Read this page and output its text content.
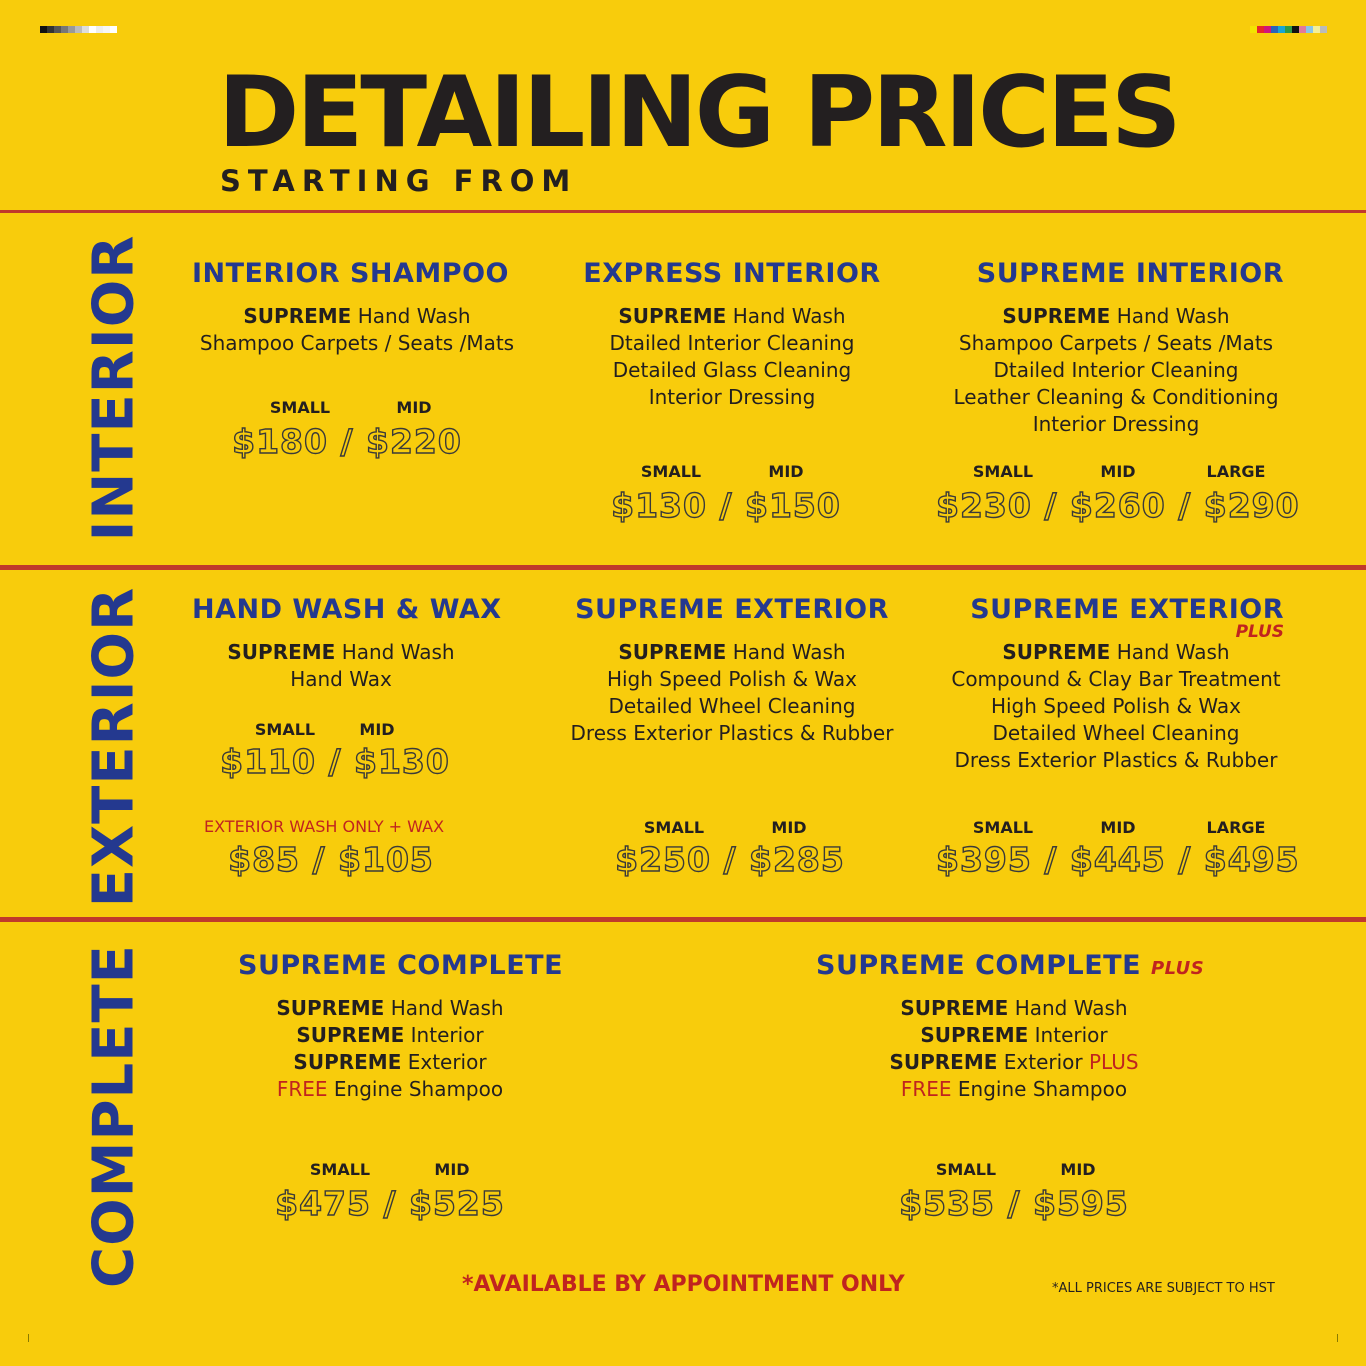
DETAILING PRICES
STARTING FROM
INTERIOR
EXTERIOR
COMPLETE
INTERIOR SHAMPOO
SUPREME Hand Wash
Shampoo Carpets / Seats /Mats
SMALL	MID
$180 / $220
EXPRESS INTERIOR
SUPREME Hand Wash
Dtailed Interior Cleaning
Detailed Glass Cleaning
Interior Dressing
SMALL	MID
$130 / $150
SUPREME INTERIOR
SUPREME Hand Wash
Shampoo Carpets / Seats /Mats
Dtailed Interior Cleaning
Leather Cleaning & Conditioning
Interior Dressing
SMALL	MID	LARGE
$230 / $260 / $290
HAND WASH & WAX
SUPREME Hand Wash
Hand Wax
SMALL	MID
$110 / $130
EXTERIOR WASH ONLY + WAX
$85 / $105
SUPREME EXTERIOR
SUPREME Hand Wash
High Speed Polish & Wax
Detailed Wheel Cleaning
Dress Exterior Plastics & Rubber
SMALL	MID
$250 / $285
SUPREME EXTERIOR
PLUS
SUPREME Hand Wash
Compound & Clay Bar Treatment
High Speed Polish & Wax
Detailed Wheel Cleaning
Dress Exterior Plastics & Rubber
SMALL	MID	LARGE
$395 / $445 / $495
SUPREME COMPLETE
SUPREME Hand Wash
SUPREME Interior
SUPREME Exterior
FREE Engine Shampoo
SMALL	MID
$475 / $525
SUPREME COMPLETE PLUS
SUPREME Hand Wash
SUPREME Interior
SUPREME Exterior PLUS
FREE Engine Shampoo
SMALL	MID
$535 / $595
*AVAILABLE BY APPOINTMENT ONLY	*ALL PRICES ARE SUBJECT TO HST
